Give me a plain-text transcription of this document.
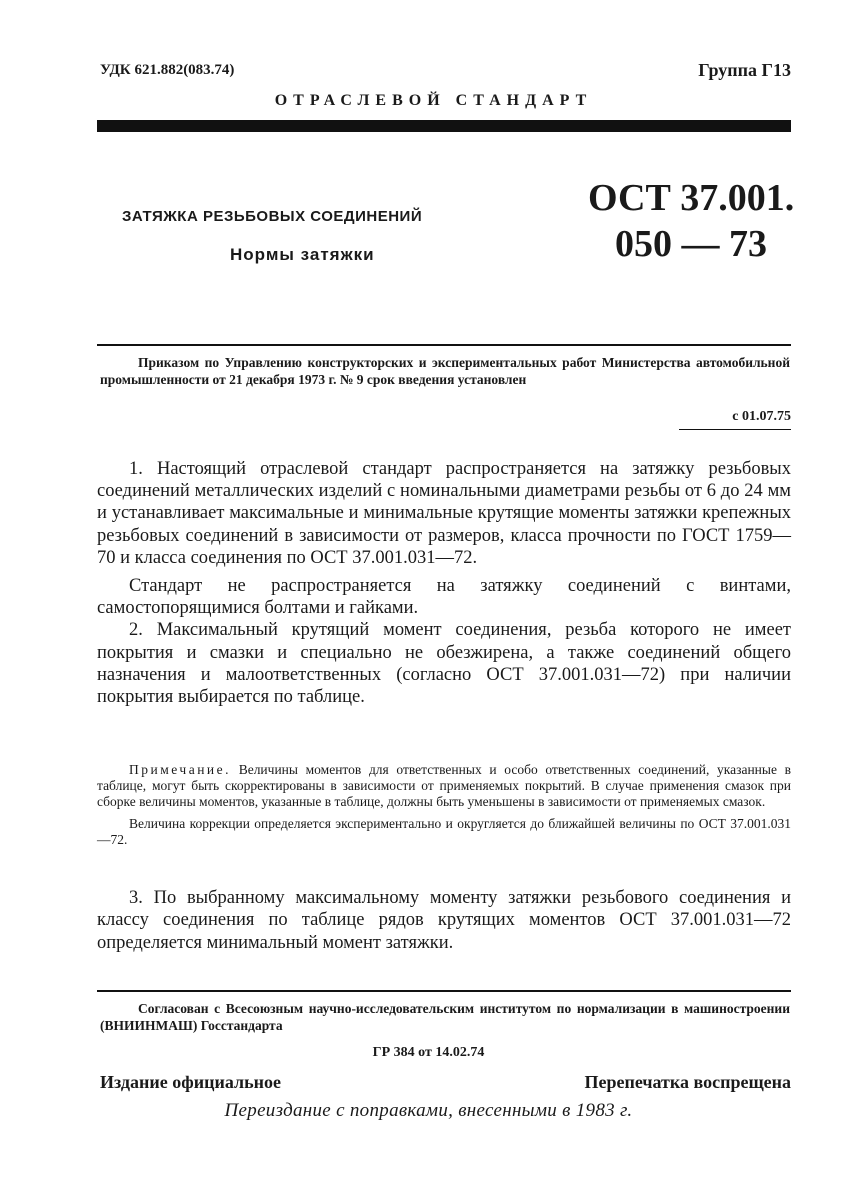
УДК 621.882(083.74)	Группа Г13
ОТРАСЛЕВОЙ СТАНДАРТ
ЗАТЯЖКА РЕЗЬБОВЫХ СОЕДИНЕНИЙ
Нормы затяжки
ОСТ 37.001.
050 — 73
Приказом по Управлению конструкторских и экспериментальных работ Министерства автомобильной промышленности от 21 декабря 1973 г. № 9 срок введения установлен
с 01.07.75

1. Настоящий отраслевой стандарт распространяется на затяжку резьбовых соединений металлических изделий с номинальными диаметрами резьбы от 6 до 24 мм и устанавливает максимальные и минимальные крутящие моменты затяжки крепежных резьбовых соединений в зависимости от размеров, класса прочности по ГОСТ 1759—70 и класса соединения по ОСТ 37.001.031—72.

Стандарт не распространяется на затяжку соединений с винтами, самостопорящимися болтами и гайками.

2. Максимальный крутящий момент соединения, резьба которого не имеет покрытия и смазки и специально не обезжирена, а также соединений общего назначения и малоответственных (согласно ОСТ 37.001.031—72) при наличии покрытия выбирается по таблице.

Примечание. Величины моментов для ответственных и особо ответственных соединений, указанные в таблице, могут быть скорректированы в зависимости от применяемых покрытий. В случае применения смазок при сборке величины моментов, указанные в таблице, должны быть уменьшены в зависимости от применяемых смазок.

Величина коррекции определяется экспериментально и округляется до ближайшей величины по ОСТ 37.001.031—72.

3. По выбранному максимальному моменту затяжки резьбового соединения и классу соединения по таблице рядов крутящих моментов ОСТ 37.001.031—72 определяется минимальный момент затяжки.

Согласован с Всесоюзным научно-исследовательским институтом по нормализации в машиностроении (ВНИИНМАШ) Госстандарта
ГР 384 от 14.02.74
Издание официальное	Перепечатка воспрещена
Переиздание с поправками, внесенными в 1983 г.
